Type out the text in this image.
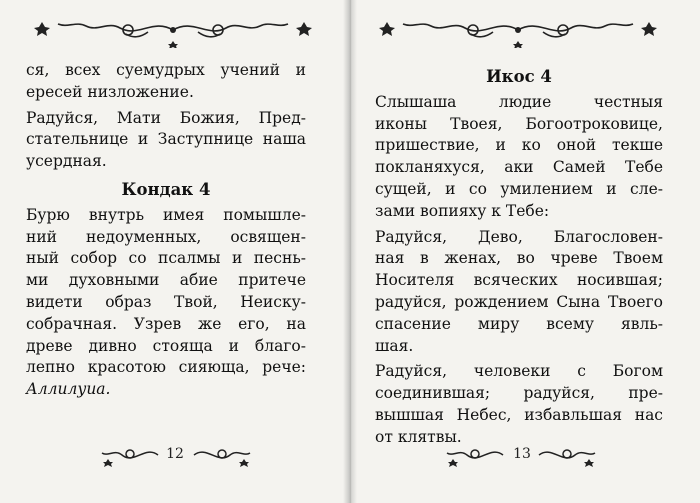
ся, всех суемудрых учений и
ересей низложение.
Радуйся, Мати Божия, Пред-
стательнице и Заступнице наша
усердная.
Кондак 4
Бурю внутрь имея помышле-
ний недоуменных, освящен-
ный собор со псалмы и песнь-
ми духовными абие притече
видети образ Твой, Неиску-
собрачная. Узрев же его, на
древе дивно стояща и благо-
лепно красотою сияюща, рече:
Аллилуиа.
12
Икос 4
Слышаша людие честныя
иконы Твоея, Богоотроковице,
пришествие, и ко оной текше
покланяхуся, аки Самей Тебе
сущей, и со умилением и сле-
зами вопияху к Тебе:
Радуйся, Дево, Благословен-
ная в женах, во чреве Твоем
Носителя всяческих носившая;
радуйся, рождением Сына Твоего
спасение миру всему явль-
шая.
Радуйся, человеки с Богом
соединившая; радуйся, пре-
вышшая Небес, избавльшая нас
от клятвы.
13
